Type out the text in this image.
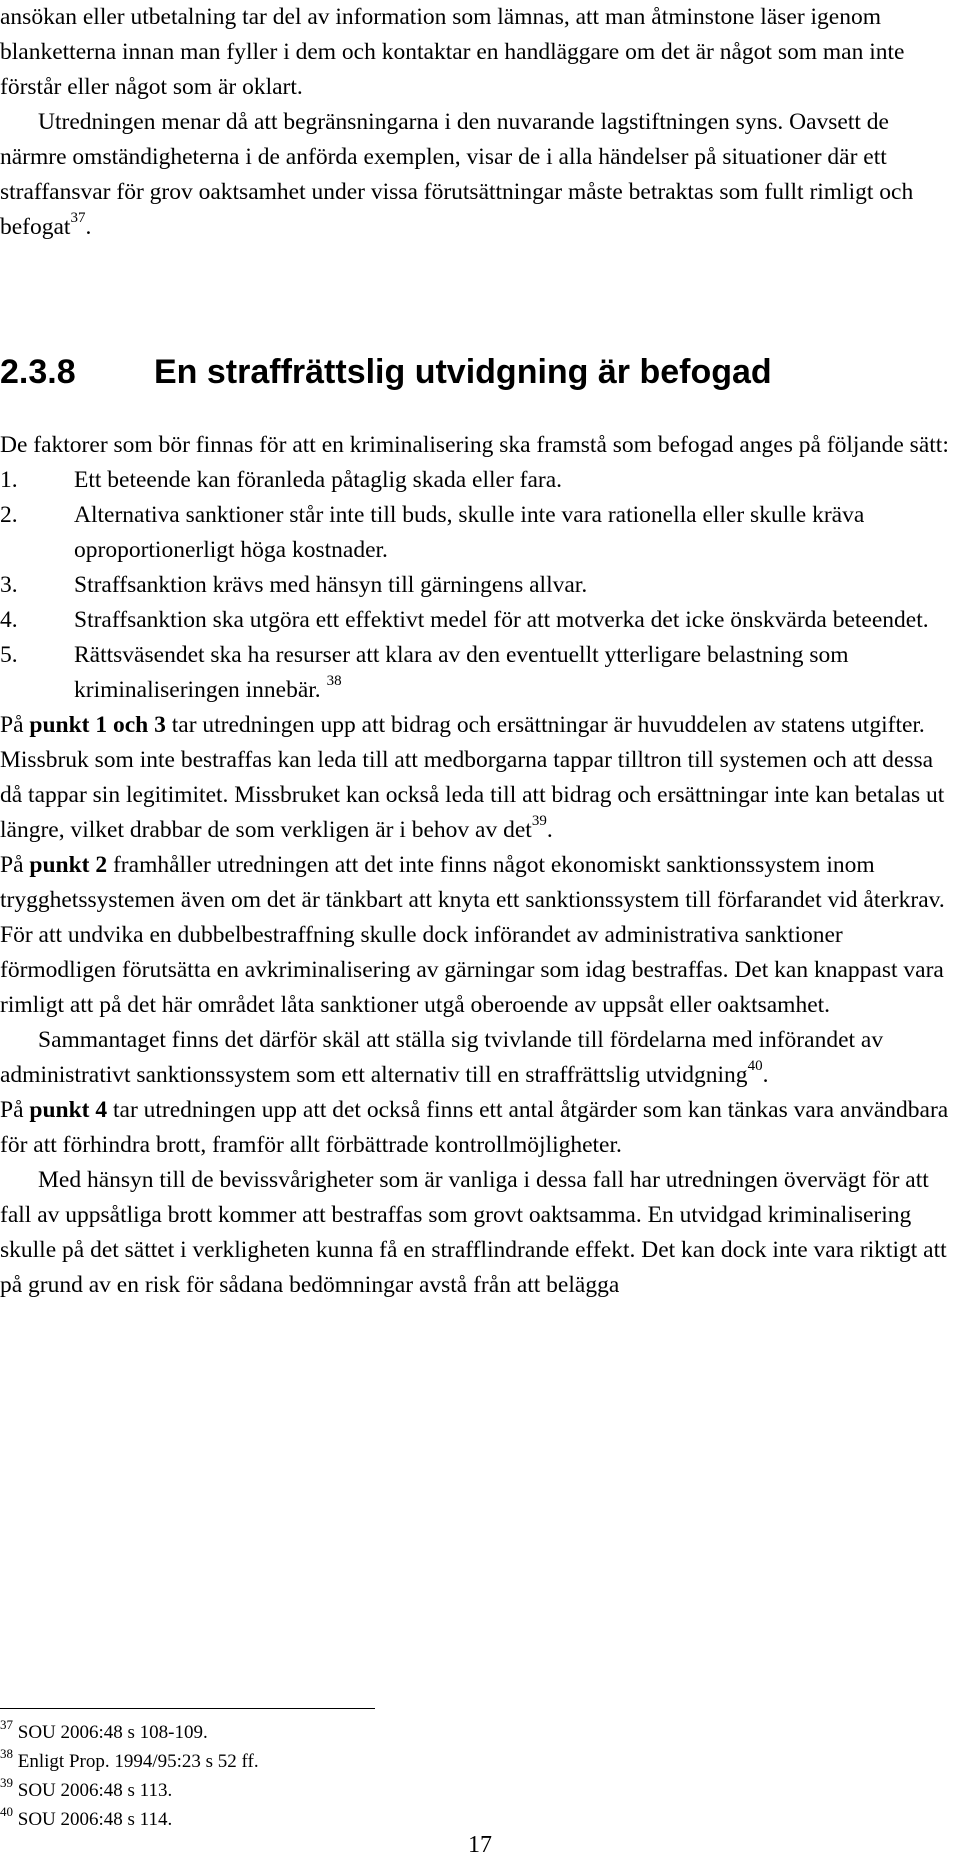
ansökan eller utbetalning tar del av information som lämnas, att man åtminstone läser igenom blanketterna innan man fyller i dem och kontaktar en handläggare om det är något som man inte förstår eller något som är oklart.

Utredningen menar då att begränsningarna i den nuvarande lagstiftningen syns. Oavsett de närmre omständigheterna i de anförda exemplen, visar de i alla händelser på situationer där ett straffansvar för grov oaktsamhet under vissa förutsättningar måste betraktas som fullt rimligt och befogat$^{37}$.

2.3.8 En straffrättslig utvidgning är befogad

De faktorer som bör finnas för att en kriminalisering ska framstå som befogad anges på följande sätt:

1.	Ett beteende kan föranleda påtaglig skada eller fara.
2.	Alternativa sanktioner står inte till buds, skulle inte vara rationella eller skulle kräva oproportionerligt höga kostnader.
3.	Straffsanktion krävs med hänsyn till gärningens allvar.
4.	Straffsanktion ska utgöra ett effektivt medel för att motverka det icke önskvärda beteendet.
5.	Rättsväsendet ska ha resurser att klara av den eventuellt ytterligare belastning som kriminaliseringen innebär. $^{38}$

På punkt 1 och 3 tar utredningen upp att bidrag och ersättningar är huvuddelen av statens utgifter. Missbruk som inte bestraffas kan leda till att medborgarna tappar tilltron till systemen och att dessa då tappar sin legitimitet. Missbruket kan också leda till att bidrag och ersättningar inte kan betalas ut längre, vilket drabbar de som verkligen är i behov av $\det^{39}$.

På punkt 2 framhåller utredningen att det inte finns något ekonomiskt sanktionssystem inom trygghetssystemen även om det är tänkbart att knyta ett sanktionssystem till förfarandet vid återkrav. För att undvika en dubbelbestraffning skulle dock införandet av administrativa sanktioner förmodligen förutsätta en avkriminalisering av gärningar som idag bestraffas. Det kan knappast vara rimligt att på det här området låta sanktioner utgå oberoende av uppsåt eller oaktsamhet.

Sammantaget finns det därför skäl att ställa sig tvivlande till fördelarna med införandet av administrativt sanktionssystem som ett alternativ till en straffrättslig utvidgning$^{40}$.

På punkt 4 tar utredningen upp att det också finns ett antal åtgärder som kan tänkas vara användbara för att förhindra brott, framför allt förbättrade kontrollmöjligheter.

Med hänsyn till de bevissvårigheter som är vanliga i dessa fall har utredningen övervägt för att fall av uppsåtliga brott kommer att bestraffas som grovt oaktsamma. En utvidgad kriminalisering skulle på det sättet i verkligheten kunna få en strafflindrande effekt. Det kan dock inte vara riktigt att på grund av en risk för sådana bedömningar avstå från att belägga

$^{37}$ SOU 2006:48 s 108-109.

$^{38}$ Enligt Prop. 1994/95:23 s 52 ff.

$^{39}$ SOU 2006:48 s 113.

$^{40}$ SOU 2006:48 s 114.

17
